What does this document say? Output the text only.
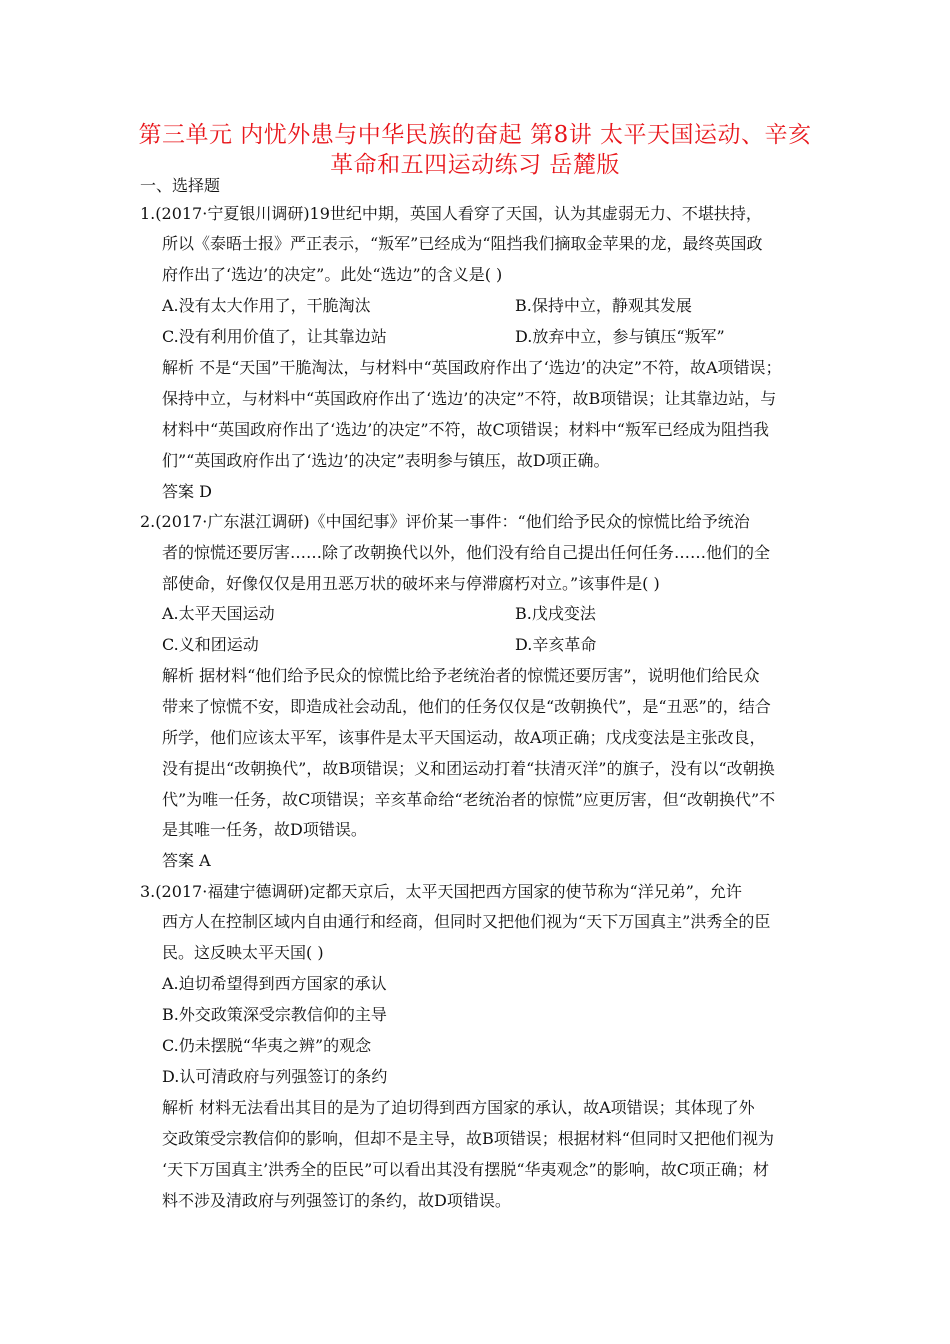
第三单元 内忧外患与中华民族的奋起 第8讲 太平天国运动、辛亥
革命和五四运动练习 岳麓版
一、选择题
1.(2017·宁夏银川调研)19世纪中期，英国人看穿了天国，认为其虚弱无力、不堪扶持，
所以《泰晤士报》严正表示，“叛军”已经成为“阻挡我们摘取金苹果的龙，最终英国政
府作出了‘选边’的决定”。此处“选边”的含义是( )
A.没有太大作用了，干脆淘汰	B.保持中立，静观其发展
C.没有利用价值了，让其靠边站	D.放弃中立，参与镇压“叛军”
解析 不是“天国”干脆淘汰，与材料中“英国政府作出了‘选边’的决定”不符，故A项错误；
保持中立，与材料中“英国政府作出了‘选边’的决定”不符，故B项错误；让其靠边站，与
材料中“英国政府作出了‘选边’的决定”不符，故C项错误；材料中“叛军已经成为阻挡我
们”“英国政府作出了‘选边’的决定”表明参与镇压，故D项正确。
答案 D
2.(2017·广东湛江调研)《中国纪事》评价某一事件：“他们给予民众的惊慌比给予统治
者的惊慌还要厉害……除了改朝换代以外，他们没有给自己提出任何任务……他们的全
部使命，好像仅仅是用丑恶万状的破坏来与停滞腐朽对立。”该事件是( )
A.太平天国运动	B.戊戌变法
C.义和团运动	D.辛亥革命
解析 据材料“他们给予民众的惊慌比给予老统治者的惊慌还要厉害”，说明他们给民众
带来了惊慌不安，即造成社会动乱，他们的任务仅仅是“改朝换代”，是“丑恶”的，结合
所学，他们应该太平军，该事件是太平天国运动，故A项正确；戊戌变法是主张改良，
没有提出“改朝换代”，故B项错误；义和团运动打着“扶清灭洋”的旗子，没有以“改朝换
代”为唯一任务，故C项错误；辛亥革命给“老统治者的惊慌”应更厉害，但“改朝换代”不
是其唯一任务，故D项错误。
答案 A
3.(2017·福建宁德调研)定都天京后，太平天国把西方国家的使节称为“洋兄弟”，允许
西方人在控制区域内自由通行和经商，但同时又把他们视为“天下万国真主”洪秀全的臣
民。这反映太平天国( )
A.迫切希望得到西方国家的承认
B.外交政策深受宗教信仰的主导
C.仍未摆脱“华夷之辨”的观念
D.认可清政府与列强签订的条约
解析 材料无法看出其目的是为了迫切得到西方国家的承认，故A项错误；其体现了外
交政策受宗教信仰的影响，但却不是主导，故B项错误；根据材料“但同时又把他们视为
‘天下万国真主’洪秀全的臣民”可以看出其没有摆脱“华夷观念”的影响，故C项正确；材
料不涉及清政府与列强签订的条约，故D项错误。
